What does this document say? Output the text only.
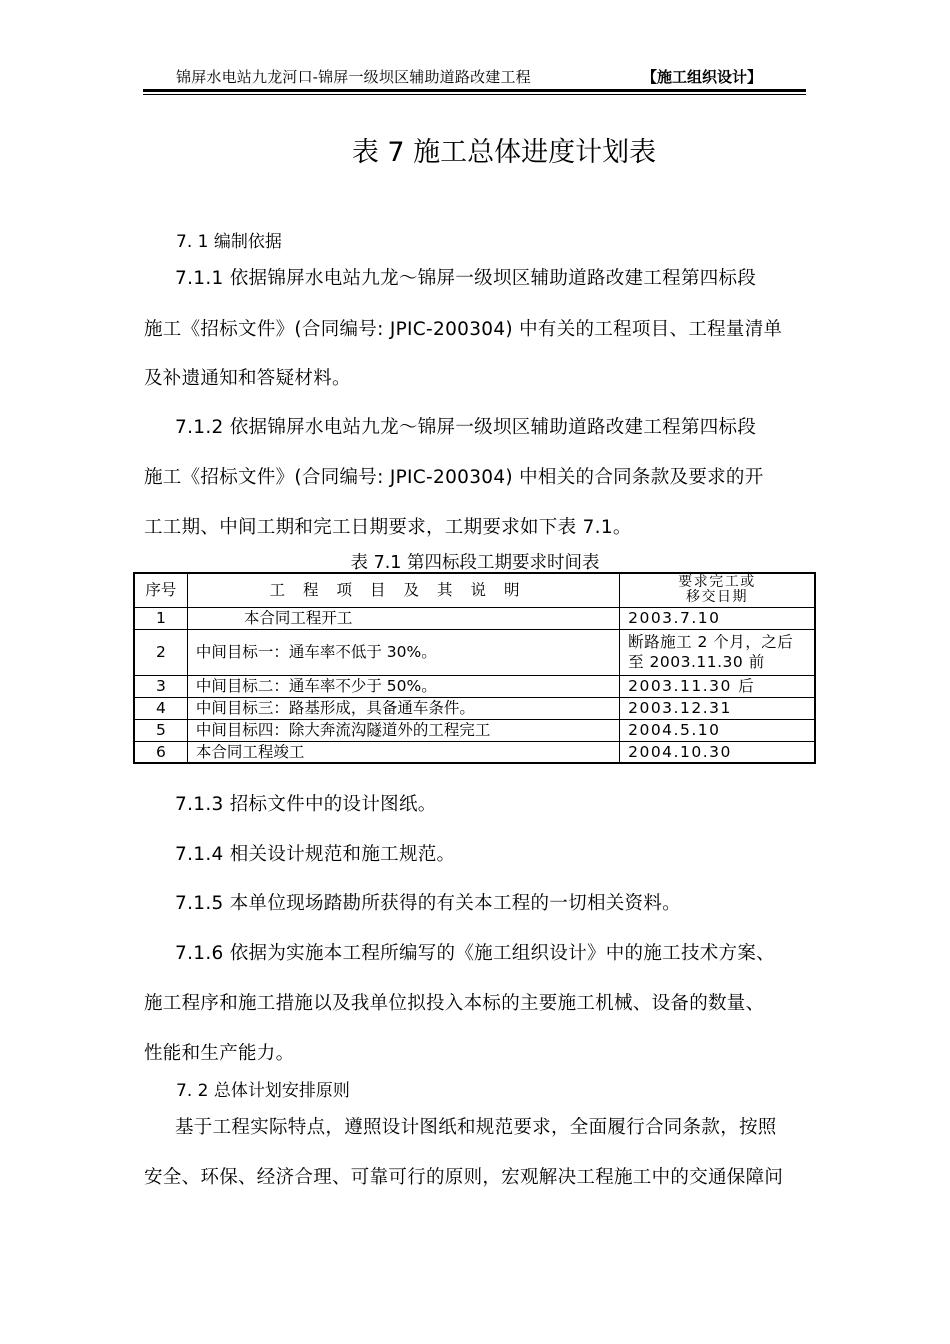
锦屏水电站九龙河口-锦屏一级坝区辅助道路改建工程	【施工组织设计】
表 7 施工总体进度计划表
7. 1 编制依据
7.1.1 依据锦屏水电站九龙～锦屏一级坝区辅助道路改建工程第四标段
施工《招标文件》(合同编号: JPIC-200304) 中有关的工程项目、工程量清单
及补遗通知和答疑材料。
7.1.2 依据锦屏水电站九龙～锦屏一级坝区辅助道路改建工程第四标段
施工《招标文件》(合同编号: JPIC-200304) 中相关的合同条款及要求的开
工工期、中间工期和完工日期要求，工期要求如下表 7.1。
表 7.1 第四标段工期要求时间表
序号	工程项目及其说明	要求完工或
移交日期

1	本合同工程开工	2003.7.10
2	中间目标一：通车率不低于 30%。	断路施工 2 个月，之后
至 2003.11.30 前

3	中间目标二：通车率不少于 50%。	2003.11.30 后
4	中间目标三：路基形成，具备通车条件。	2003.12.31
5	中间目标四：除大奔流沟隧道外的工程完工	2004.5.10
6	本合同工程竣工	2004.10.30
7.1.3 招标文件中的设计图纸。
7.1.4 相关设计规范和施工规范。
7.1.5 本单位现场踏勘所获得的有关本工程的一切相关资料。
7.1.6 依据为实施本工程所编写的《施工组织设计》中的施工技术方案、
施工程序和施工措施以及我单位拟投入本标的主要施工机械、设备的数量、
性能和生产能力。
7. 2 总体计划安排原则
基于工程实际特点，遵照设计图纸和规范要求，全面履行合同条款，按照
安全、环保、经济合理、可靠可行的原则，宏观解决工程施工中的交通保障问
